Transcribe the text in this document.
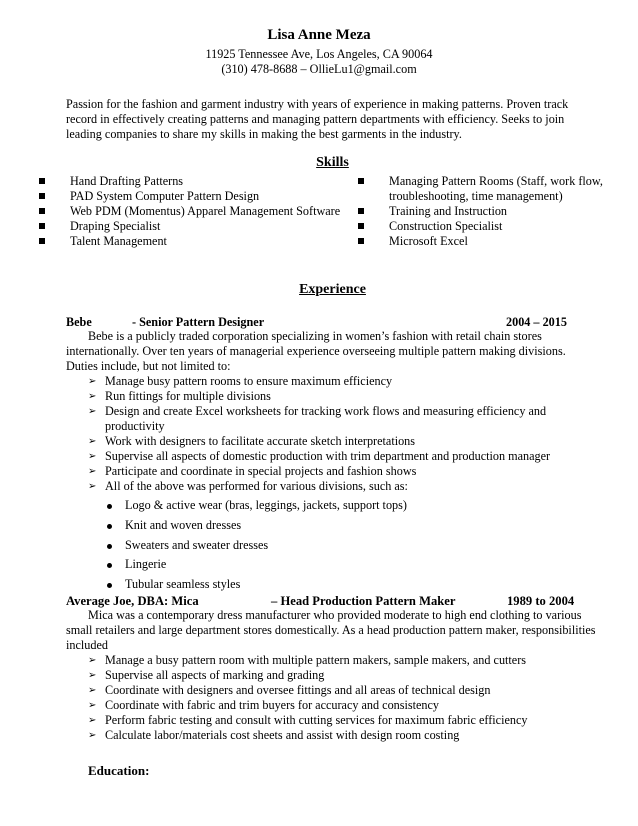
Lisa Anne Meza
11925 Tennessee Ave, Los Angeles, CA 90064
(310) 478-8688 – OllieLu1@gmail.com
Passion for the fashion and garment industry with years of experience in making patterns. Proven track record in effectively creating patterns and managing pattern departments with efficiency. Seeks to join leading companies to share my skills in making the best garments in the industry.
Skills
Hand Drafting Patterns
PAD System Computer Pattern Design
Web PDM (Momentus) Apparel Management Software
Draping Specialist
Talent Management
Managing Pattern Rooms (Staff, work flow, troubleshooting, time management)
Training and Instruction
Construction Specialist
Microsoft Excel
Experience
Bebe	- Senior Pattern Designer	2004 – 2015
Bebe is a publicly traded corporation specializing in women’s fashion with retail chain stores internationally. Over ten years of managerial experience overseeing multiple pattern making divisions. Duties include, but not limited to:
➢ Manage busy pattern rooms to ensure maximum efficiency
➢ Run fittings for multiple divisions
➢ Design and create Excel worksheets for tracking work flows and measuring efficiency and productivity
➢ Work with designers to facilitate accurate sketch interpretations
➢ Supervise all aspects of domestic production with trim department and production manager
➢ Participate and coordinate in special projects and fashion shows
➢ All of the above was performed for various divisions, such as:
Logo & active wear (bras, leggings, jackets, support tops)
Knit and woven dresses
Sweaters and sweater dresses
Lingerie
Tubular seamless styles
Average Joe, DBA: Mica	– Head Production Pattern Maker	1989 to 2004
Mica was a contemporary dress manufacturer who provided moderate to high end clothing to various small retailers and large department stores domestically. As a head production pattern maker, responsibilities included
➢ Manage a busy pattern room with multiple pattern makers, sample makers, and cutters
➢ Supervise all aspects of marking and grading
➢ Coordinate with designers and oversee fittings and all areas of technical design
➢ Coordinate with fabric and trim buyers for accuracy and consistency
➢ Perform fabric testing and consult with cutting services for maximum fabric efficiency
➢ Calculate labor/materials cost sheets and assist with design room costing
Education:
